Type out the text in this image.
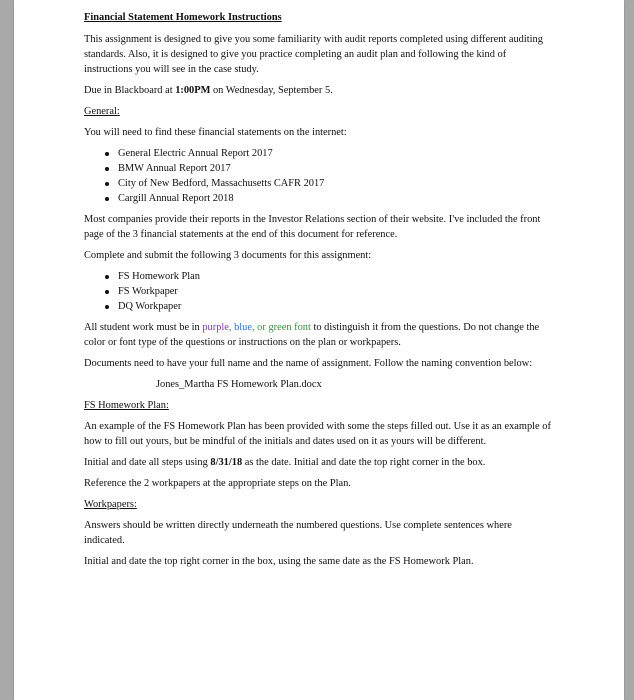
Financial Statement Homework Instructions

This assignment is designed to give you some familiarity with audit reports completed using different auditing standards. Also, it is designed to give you practice completing an audit plan and following the kind of instructions you will see in the case study.

Due in Blackboard at 1:00PM on Wednesday, September 5.

General:

You will need to find these financial statements on the internet:

General Electric Annual Report 2017
BMW Annual Report 2017
City of New Bedford, Massachusetts CAFR 2017
Cargill Annual Report 2018

Most companies provide their reports in the Investor Relations section of their website. I've included the front page of the 3 financial statements at the end of this document for reference.

Complete and submit the following 3 documents for this assignment:

FS Homework Plan
FS Workpaper
DQ Workpaper

All student work must be in purple, blue, or green font to distinguish it from the questions. Do not change the color or font type of the questions or instructions on the plan or workpapers.

Documents need to have your full name and the name of assignment. Follow the naming convention below:

Jones_Martha FS Homework Plan.docx

FS Homework Plan:

An example of the FS Homework Plan has been provided with some the steps filled out. Use it as an example of how to fill out yours, but be mindful of the initials and dates used on it as yours will be different.

Initial and date all steps using 8/31/18 as the date. Initial and date the top right corner in the box.

Reference the 2 workpapers at the appropriate steps on the Plan.

Workpapers:

Answers should be written directly underneath the numbered questions. Use complete sentences where indicated.

Initial and date the top right corner in the box, using the same date as the FS Homework Plan.
